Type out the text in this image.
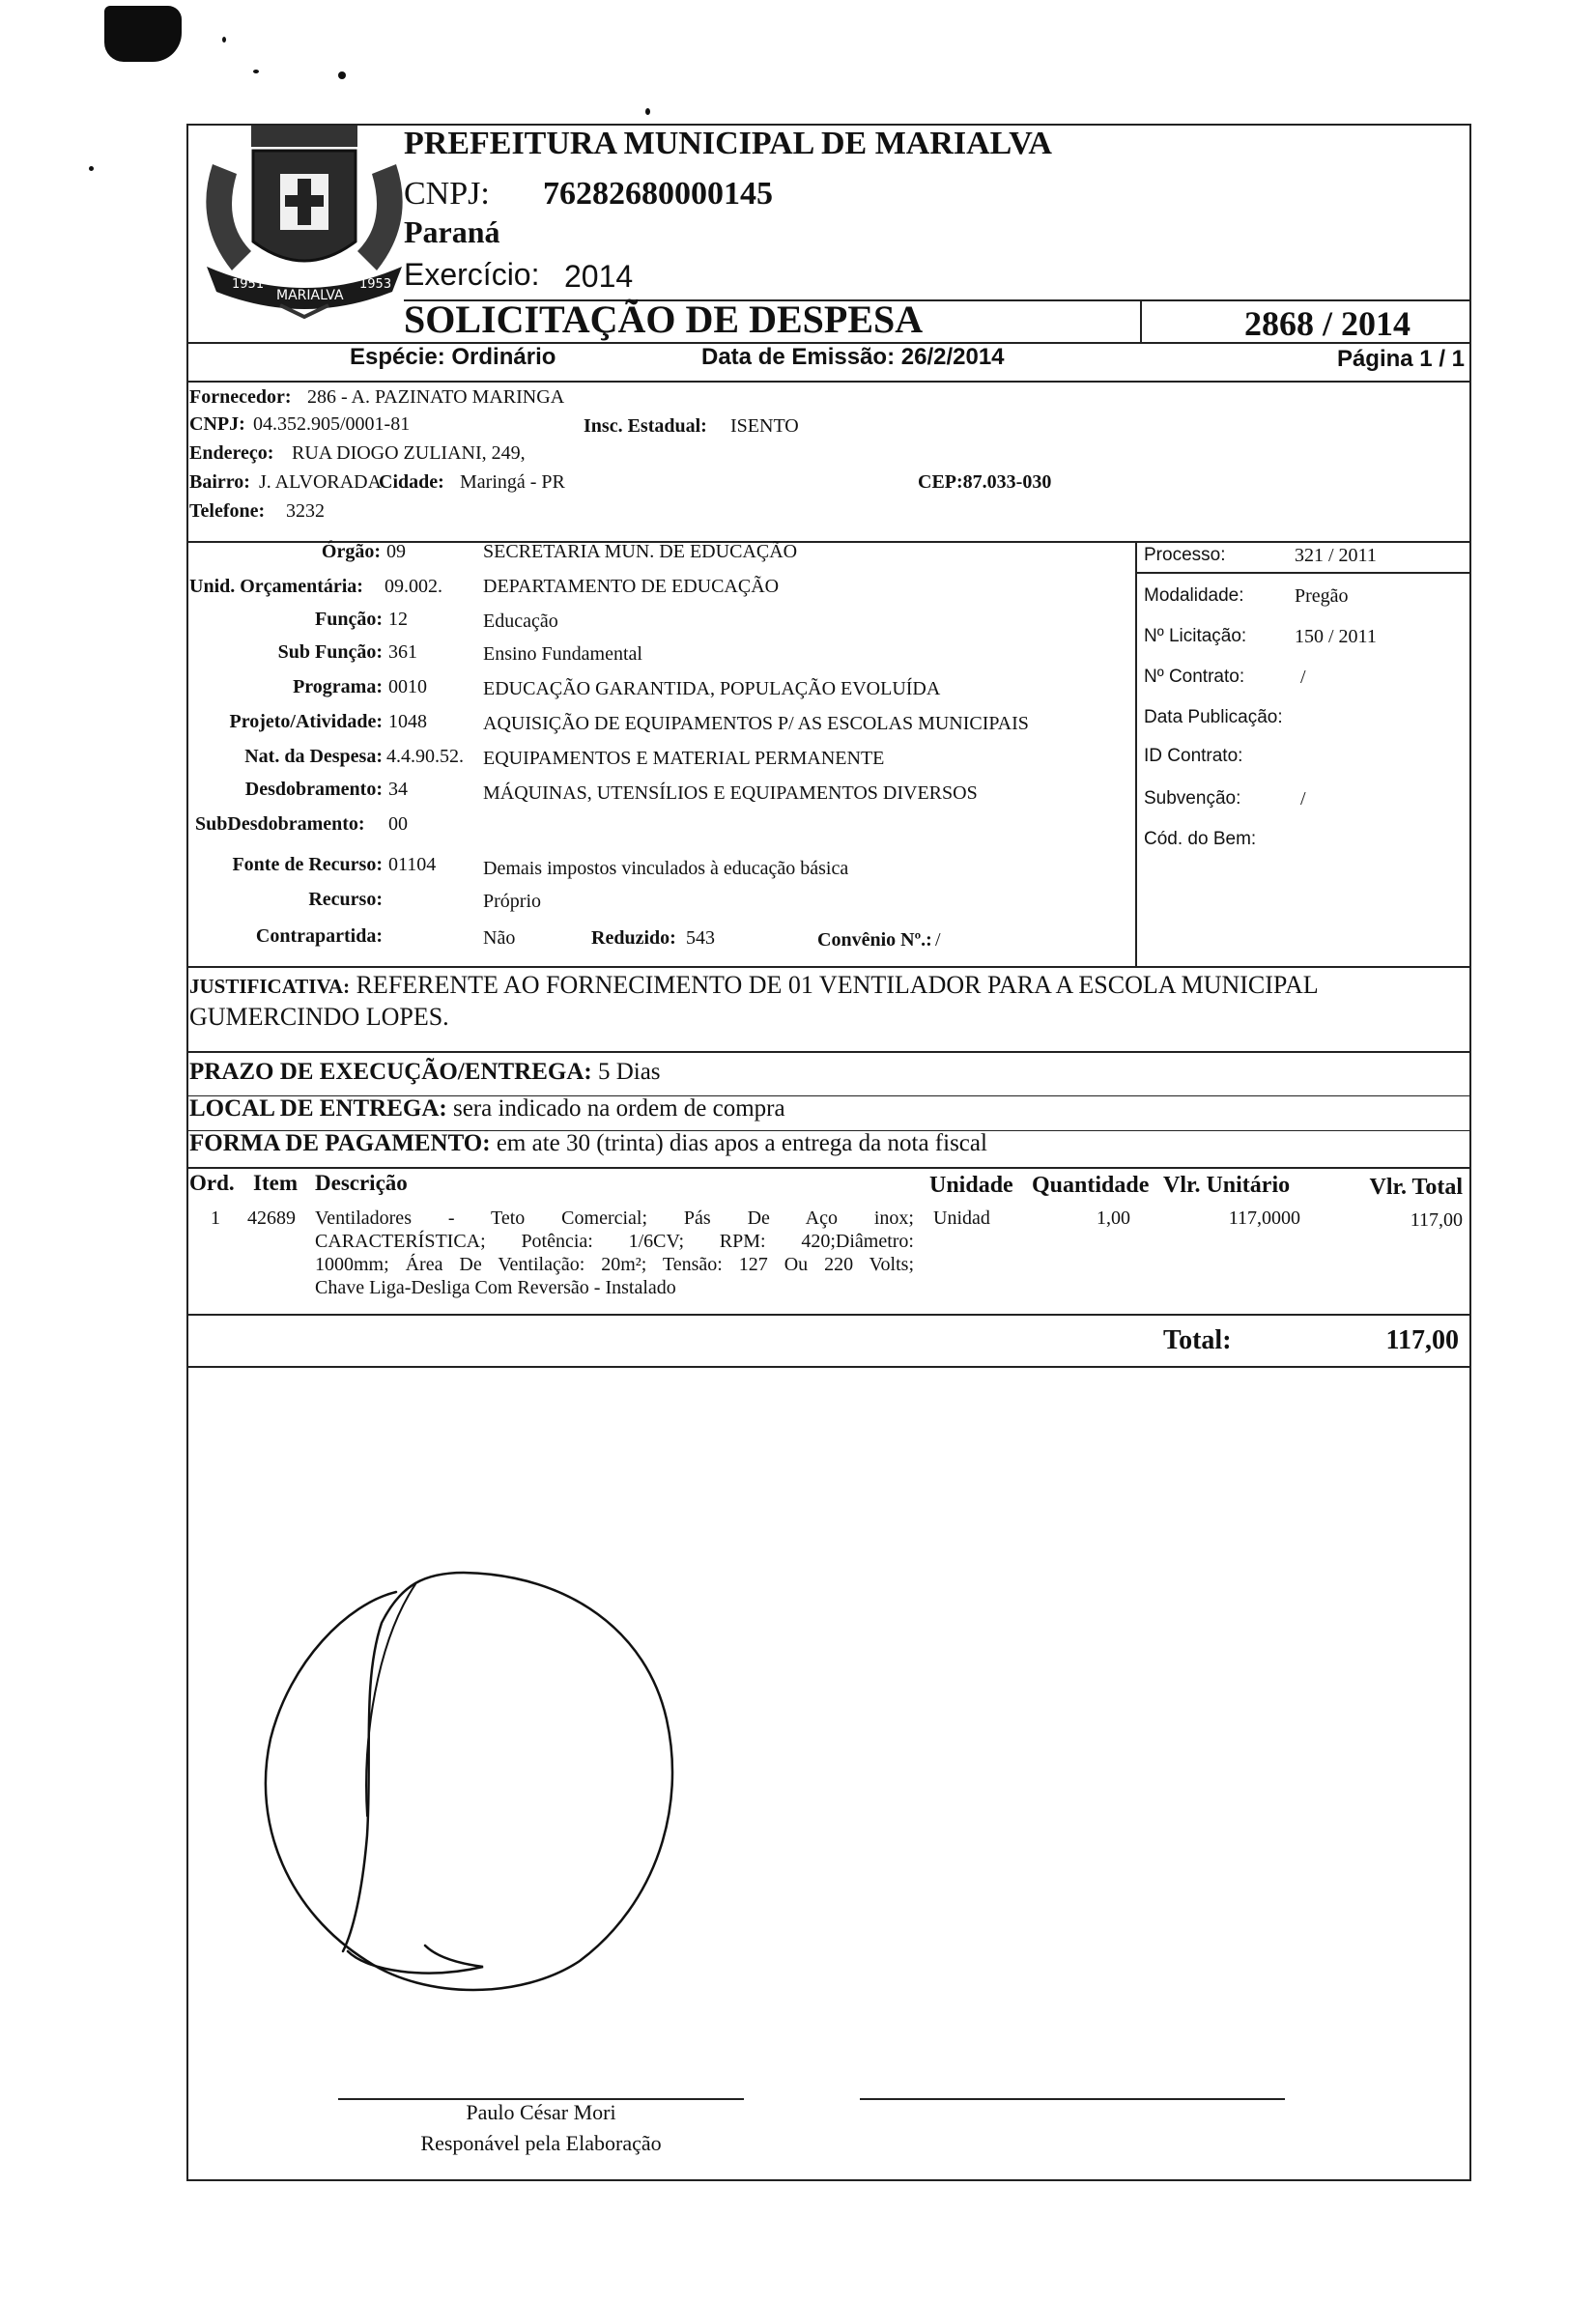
1951
MARIALVA
1953
PREFEITURA MUNICIPAL DE MARIALVA
CNPJ: 76282680000145
Paraná
Exercício: 2014
SOLICITAÇÃO DE DESPESA	2868 / 2014
Espécie: Ordinário	Data de Emissão: 26/2/2014	Página 1 / 1
Fornecedor: 286 - A. PAZINATO MARINGA
CNPJ: 04.352.905/0001-81	Insc. Estadual: ISENTO
Endereço: RUA DIOGO ZULIANI, 249,
Bairro: J. ALVORADA
Cidade: Maringá - PR	CEP:87.033-030
Telefone: 3232
Órgão: 09	SECRETARIA MUN. DE EDUCAÇÃO
Unid. Orçamentária: 09.002. DEPARTAMENTO DE EDUCAÇÃO
Função: 12	Educação
Sub Função: 361	Ensino Fundamental
Programa: 0010	EDUCAÇÃO GARANTIDA, POPULAÇÃO EVOLUÍDA
Projeto/Atividade: 1048	AQUISIÇÃO DE EQUIPAMENTOS P/ AS ESCOLAS MUNICIPAIS
Nat. da Despesa: 4.4.90.52. EQUIPAMENTOS E MATERIAL PERMANENTE
Desdobramento: 34	MÁQUINAS, UTENSÍLIOS E EQUIPAMENTOS DIVERSOS
SubDesdobramento: 00
Fonte de Recurso: 01104 Demais impostos vinculados à educação básica
Recurso:	Próprio
Contrapartida:	Não	Reduzido: 543	Convênio Nº.: /
Processo:	321 / 2011
Modalidade:	Pregão
Nº Licitação: 150 / 2011
Nº Contrato:	/
Data Publicação:
ID Contrato:
Subvenção:	/
Cód. do Bem:
JUSTIFICATIVA: REFERENTE AO FORNECIMENTO DE 01 VENTILADOR PARA A ESCOLA MUNICIPAL
GUMERCINDO LOPES.
PRAZO DE EXECUÇÃO/ENTREGA: 5 Dias
LOCAL DE ENTREGA: sera indicado na ordem de compra
FORMA DE PAGAMENTO: em ate 30 (trinta) dias apos a entrega da nota fiscal
Ord. Item Descrição	Unidade Quantidade Vlr. Unitário	Vlr. Total
1 42689 Ventiladores - Teto Comercial; Pás De Aço inox;
CARACTERÍSTICA; Potência: 1/6CV; RPM: 420;Diâmetro:
1000mm; Área De Ventilação: 20m²; Tensão: 127 Ou 220 Volts;
Chave Liga-Desliga Com Reversão - Instalado
Unidad	1,00	117,0000	117,00
Total:	117,00
Paulo César Mori
Responável pela Elaboração
